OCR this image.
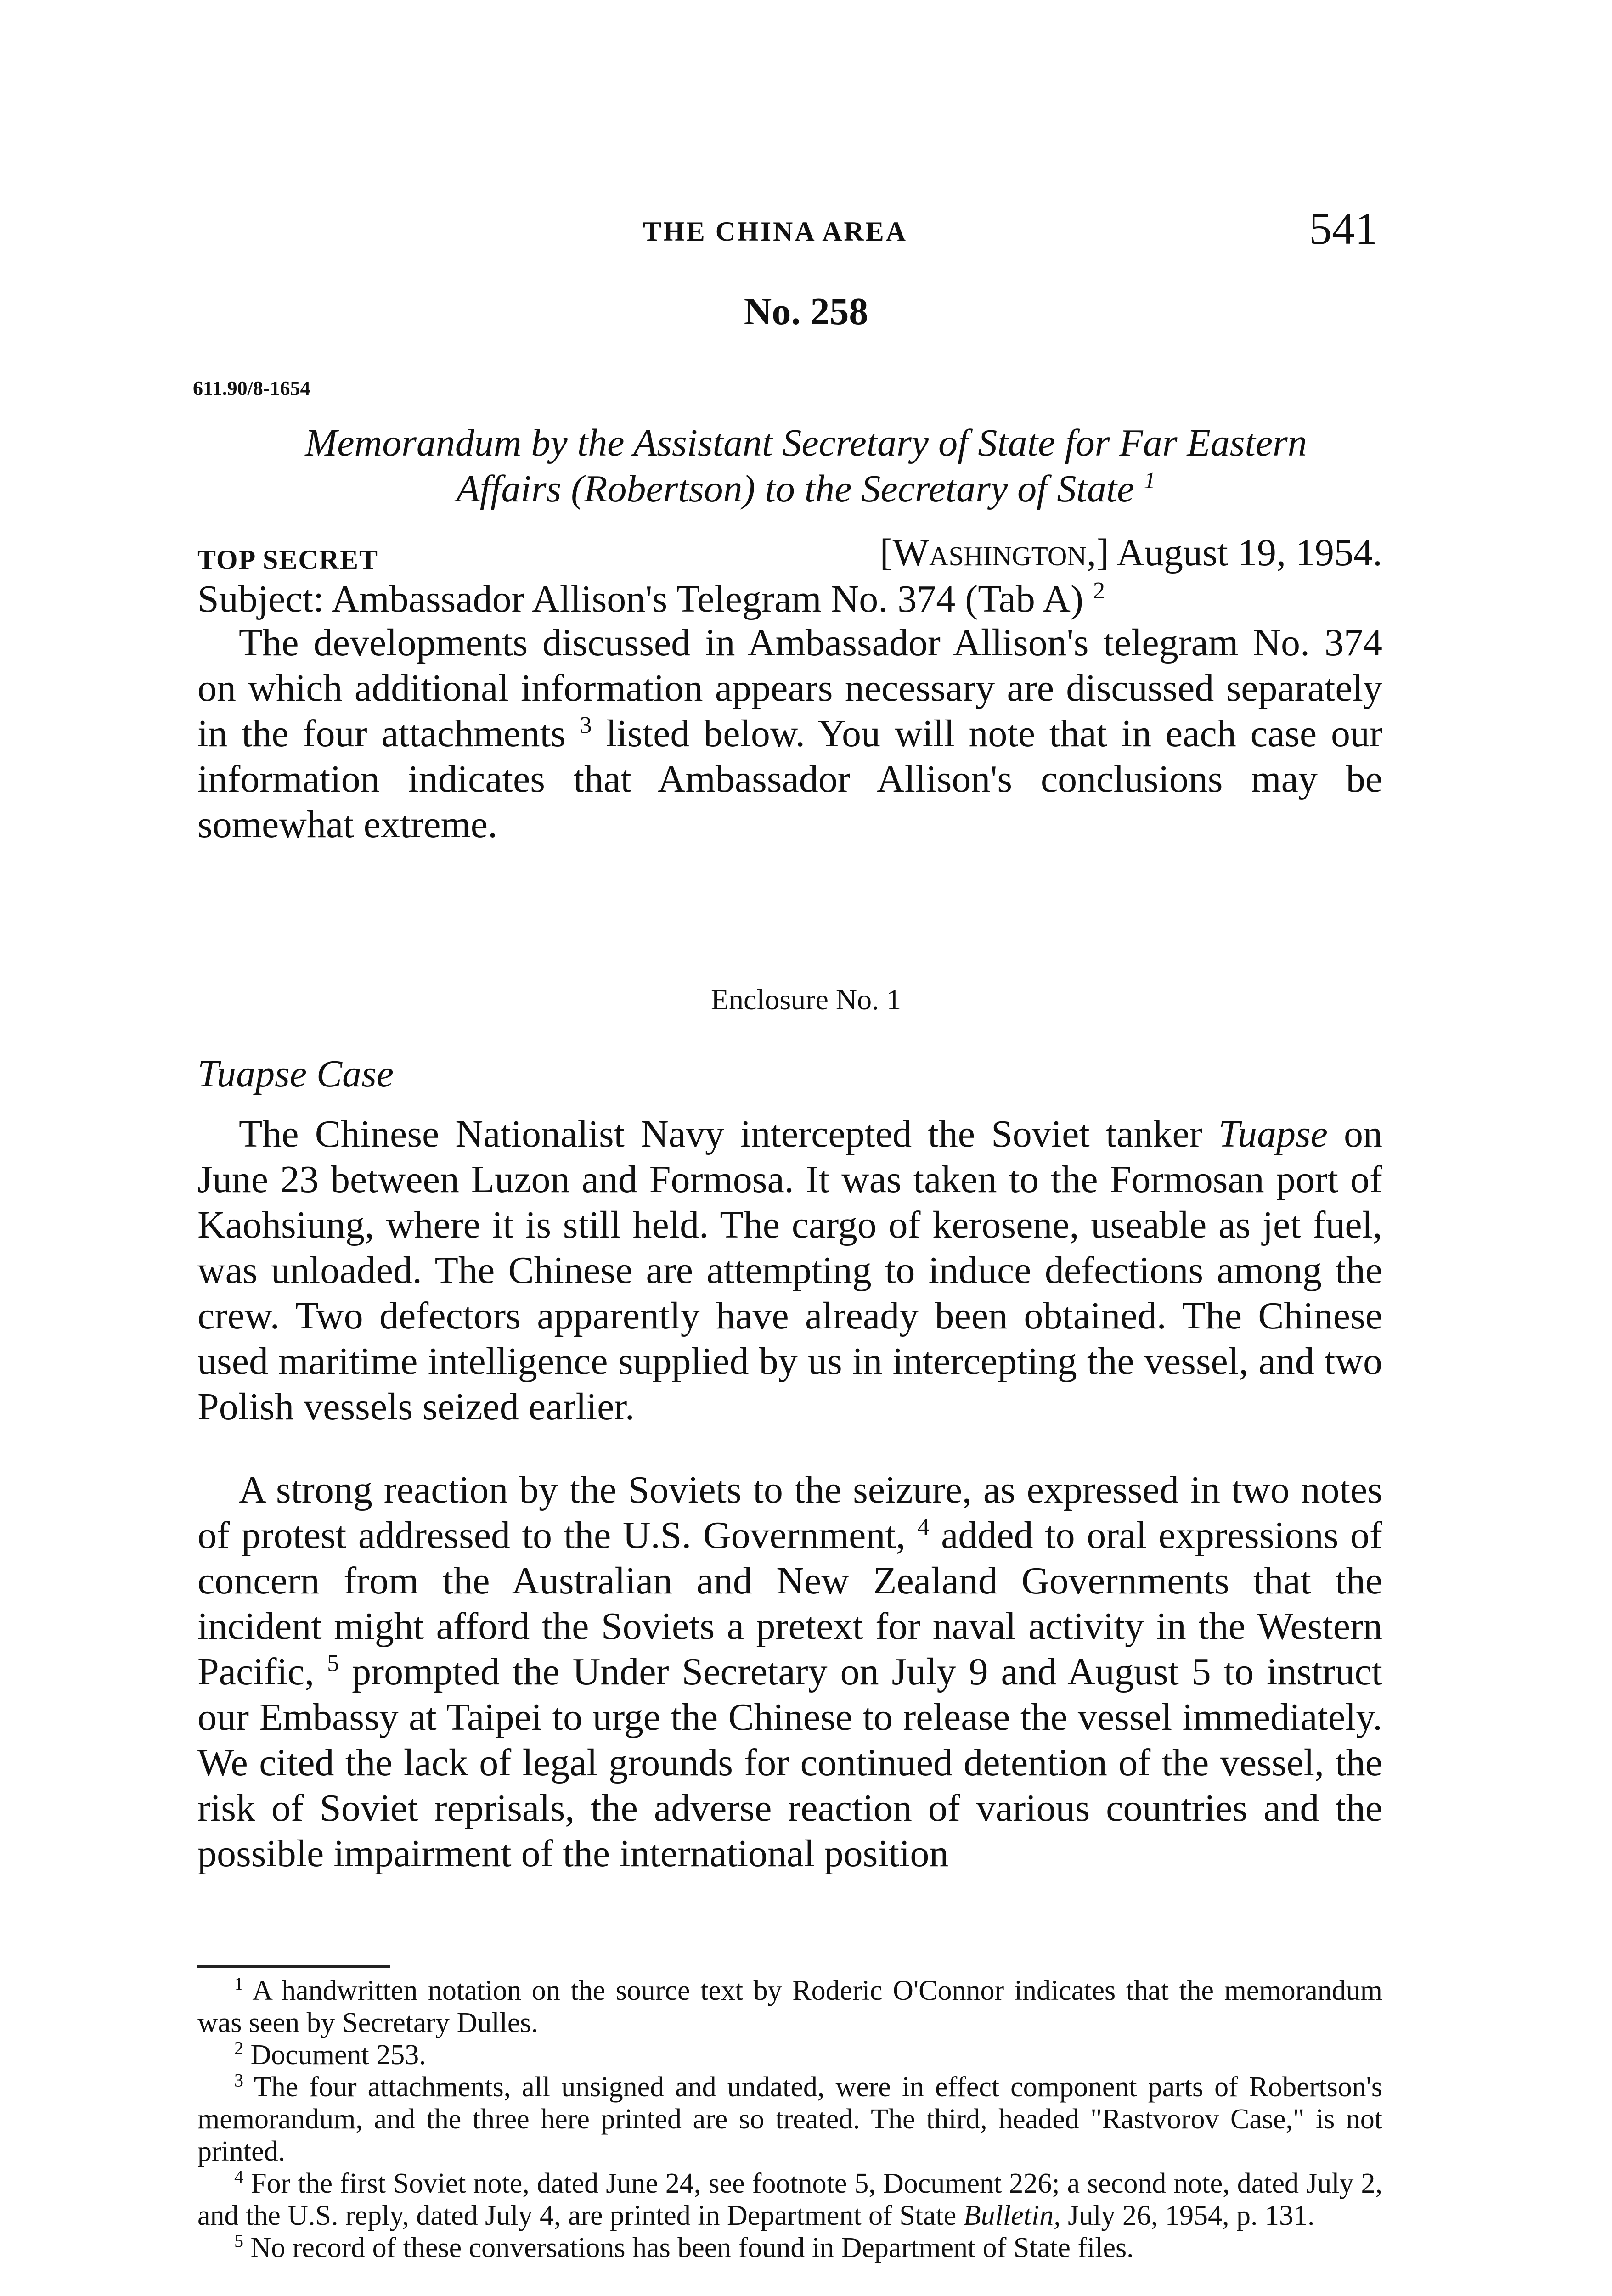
THE CHINA AREA	541
No. 258
611.90/8-1654
Memorandum by the Assistant Secretary of State for Far Eastern
Affairs (Robertson) to the Secretary of State $^1$
TOP SECRET	[Washington,] August 19, 1954.
Subject: Ambassador Allison's Telegram No. 374 (Tab A) $^2$
The developments discussed in Ambassador Allison's telegram No. 374 on which additional information appears necessary are discussed separately in the four attachments $^3$ listed below. You will note that in each case our information indicates that Ambassador Allison's conclusions may be somewhat extreme.
Enclosure No. 1
Tuapse Case
The Chinese Nationalist Navy intercepted the Soviet tanker Tuapse on June 23 between Luzon and Formosa. It was taken to the Formosan port of Kaohsiung, where it is still held. The cargo of kerosene, useable as jet fuel, was unloaded. The Chinese are attempting to induce defections among the crew. Two defectors apparently have already been obtained. The Chinese used maritime intelligence supplied by us in intercepting the vessel, and two Polish vessels seized earlier.
A strong reaction by the Soviets to the seizure, as expressed in two notes of protest addressed to the U.S. Government, $^4$ added to oral expressions of concern from the Australian and New Zealand Governments that the incident might afford the Soviets a pretext for naval activity in the Western Pacific, $^5$ prompted the Under Secretary on July 9 and August 5 to instruct our Embassy at Taipei to urge the Chinese to release the vessel immediately. We cited the lack of legal grounds for continued detention of the vessel, the risk of Soviet reprisals, the adverse reaction of various countries and the possible impairment of the international position

$^1$ A handwritten notation on the source text by Roderic O'Connor indicates that the memorandum was seen by Secretary Dulles.

$^2$ Document 253.

$^3$ The four attachments, all unsigned and undated, were in effect component parts of Robertson's memorandum, and the three here printed are so treated. The third, headed "Rastvorov Case," is not printed.

$^4$ For the first Soviet note, dated June 24, see footnote 5, Document 226; a second note, dated July 2, and the U.S. reply, dated July 4, are printed in Department of State Bulletin, July 26, 1954, p. 131.

$^5$ No record of these conversations has been found in Department of State files.
